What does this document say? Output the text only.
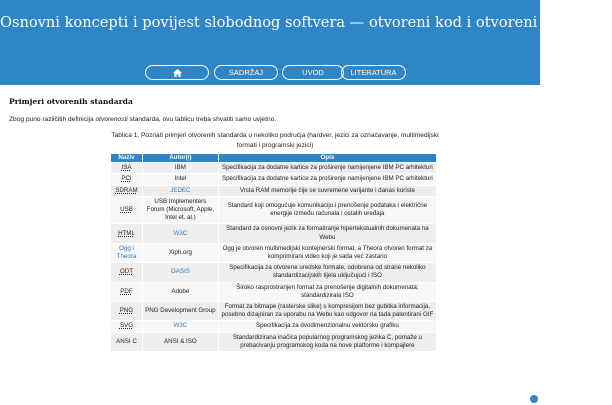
Osnovni koncepti i povijest slobodnog softvera — otvoreni kod i otvoreni standardi
SADRŽAJ	UVOD	LITERATURA
Primjeri otvorenih standarda
Zbog puno različitih definicija otvorenosti standarda, ovu tablicu treba shvatiti samo uvjetno.
Tablica 1. Poznati primjeri otvorenih standarda u nekoliko područja (hardver, jezici za označavanje, multimedijski formati i programski jezici)
Naziv	Autor(i)	Opis
ISA	IBM	Specifikacija za dodatne kartice za proširenje namijenjene IBM PC arhitekturi
PCI	Intel	Specifikacija za dodatne kartice za proširenje namijenjene IBM PC arhitekturi
SDRAM	JEDEC	Vrsta RAM memorije čije se suvremene varijante i danas koriste
USB	USB Implementers Forum (Microsoft, Apple, Intel et. al.)	Standard koji omogućuje komunikaciju i prenošenje podataka i električne energije između računala i ostalih uređaja
HTML	W3C	Standard za osnovni jezik za formatiranje hipertekstualnih dokumenata na Webu
Ogg i Theora	Xiph.org	Ogg je otvoren multimedijski kontejnerski format, a Theora otvoren format za komprimirani video koji je sada već zastario
ODT	OASIS	Specifikacija za otvorene uredske formate, odobrena od strane nekoliko standardizacijskih tijela uključujući i ISO
PDF	Adobe	Široko rasprostranjen format za prenošenje digitalnih dokumenata; standardizirala ISO
PNG	PNG Development Group	Format za bitmape (rasterske slike) s kompresijom bez gubitka informacija, posebno dizajniran za uporabu na Webu kao odgovor na tada patentirani GIF
SVG	W3C	Specifikacija za dvodimenzionalnu vektorsku grafiku
ANSI C	ANSI & ISO	Standardizirana inačica popularnog programskog jezika C, pomaže u prebacivanju programskog koda na nove platforme i kompajlere
